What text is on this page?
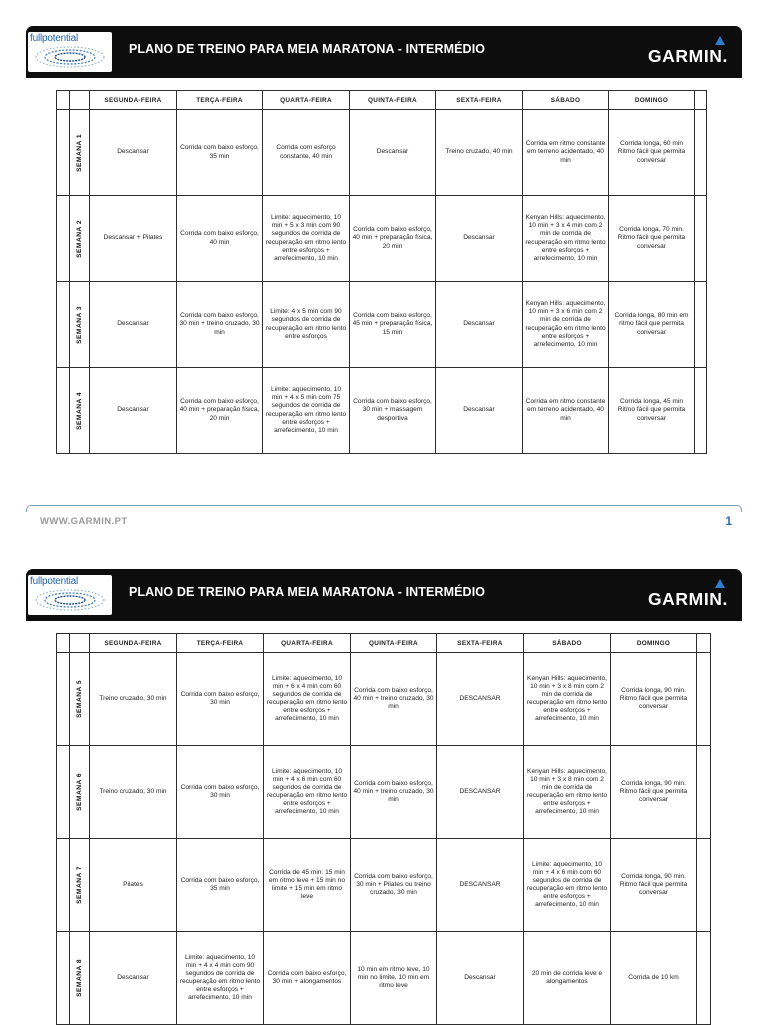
fullpotential
PLANO DE TREINO PARA MEIA MARATONA - INTERMÉDIO	GARMIN.
		SEGUNDA-FEIRA	TERÇA-FEIRA	QUARTA-FEIRA	QUINTA-FEIRA	SEXTA-FEIRA	SÁBADO	DOMINGO	

	SEMANA 1	Descansar	Corrida com baixo esforço, 35 min	Corrida com esforço constante, 40 min	Descansar	Treino cruzado, 40 min	Corrida em ritmo constante em terreno acidentado, 40 min	Corrida longa, 60 min Ritmo fácil que permita conversar	

	SEMANA 2	Descansar + Pilates	Corrida com baixo esforço, 40 min	Limite: aquecimento, 10 min + 5 x 3 min com 90 segundos de corrida de recuperação em ritmo lento entre esforços + arrefecimento, 10 min	Corrida com baixo esforço, 40 min + preparação física, 20 min	Descansar	Kenyan Hills: aquecimento, 10 min + 3 x 4 min com 2 min de corrida de recuperação em ritmo lento entre esforços + arrefecimento, 10 min	Corrida longa, 70 min. Ritmo fácil que permita conversar	

	SEMANA 3	Descansar	Corrida com baixo esforço, 30 min + treino cruzado, 30 min	Limite: 4 x 5 min com 90 segundos de corrida de recuperação em ritmo lento entre esforços	Corrida com baixo esforço, 45 min + preparação física, 15 min	Descansar	Kenyan Hills: aquecimento, 10 min + 3 x 6 min com 2 min de corrida de recuperação em ritmo lento entre esforços + arrefecimento, 10 min	Corrida longa, 80 min em ritmo fácil que permita conversar	

	SEMANA 4	Descansar	Corrida com baixo esforço, 40 min + preparação física, 20 min	Limite: aquecimento, 10 min + 4 x 5 min com 75 segundos de corrida de recuperação em ritmo lento entre esforços + arrefecimento, 10 min	Corrida com baixo esforço, 30 min + massagem desportiva	Descansar	Corrida em ritmo constante em terreno acidentado, 40 min	Corrida longa, 45 min Ritmo fácil que permita conversar	
WWW.GARMIN.PT	1
fullpotential
PLANO DE TREINO PARA MEIA MARATONA - INTERMÉDIO	GARMIN.
		SEGUNDA-FEIRA	TERÇA-FEIRA	QUARTA-FEIRA	QUINTA-FEIRA	SEXTA-FEIRA	SÁBADO	DOMINGO	

	SEMANA 5	Treino cruzado, 30 min	Corrida com baixo esforço, 30 min	Limite: aquecimento, 10 min + 6 x 4 min com 60 segundos de corrida de recuperação em ritmo lento entre esforços + arrefecimento, 10 min	Corrida com baixo esforço, 40 min + treino cruzado, 30 min	DESCANSAR	Kenyan Hills: aquecimento, 10 min + 3 x 8 min com 2 min de corrida de recuperação em ritmo lento entre esforços + arrefecimento, 10 min	Corrida longa, 90 min. Ritmo fácil que permita conversar	

	SEMANA 6	Treino cruzado, 30 min	Corrida com baixo esforço, 30 min	Limite: aquecimento, 10 min + 4 x 6 min com 60 segundos de corrida de recuperação em ritmo lento entre esforços + arrefecimento, 10 min	Corrida com baixo esforço, 40 min + treino cruzado, 30 min	DESCANSAR	Kenyan Hills: aquecimento, 10 min + 3 x 8 min com 2 min de corrida de recuperação em ritmo lento entre esforços + arrefecimento, 10 min	Corrida longa, 90 min. Ritmo fácil que permita conversar	

	SEMANA 7	Pilates	Corrida com baixo esforço, 35 min	Corrida de 45 min: 15 min em ritmo leve + 15 min no limite + 15 min em ritmo leve	Corrida com baixo esforço, 30 min + Pilates ou treino cruzado, 30 min	DESCANSAR	Limite: aquecimento, 10 min + 4 x 6 min com 60 segundos de corrida de recuperação em ritmo lento entre esforços + arrefecimento, 10 min	Corrida longa, 90 min. Ritmo fácil que permita conversar	

	SEMANA 8	Descansar	Limite: aquecimento, 10 min + 4 x 4 min com 90 segundos de corrida de recuperação em ritmo lento entre esforços + arrefecimento, 10 min	Corrida com baixo esforço, 30 min + alongamentos	10 min em ritmo leve, 10 min no limite, 10 min em ritmo leve	Descansar	20 min de corrida leve e alongamentos	Corrida de 10 km	
